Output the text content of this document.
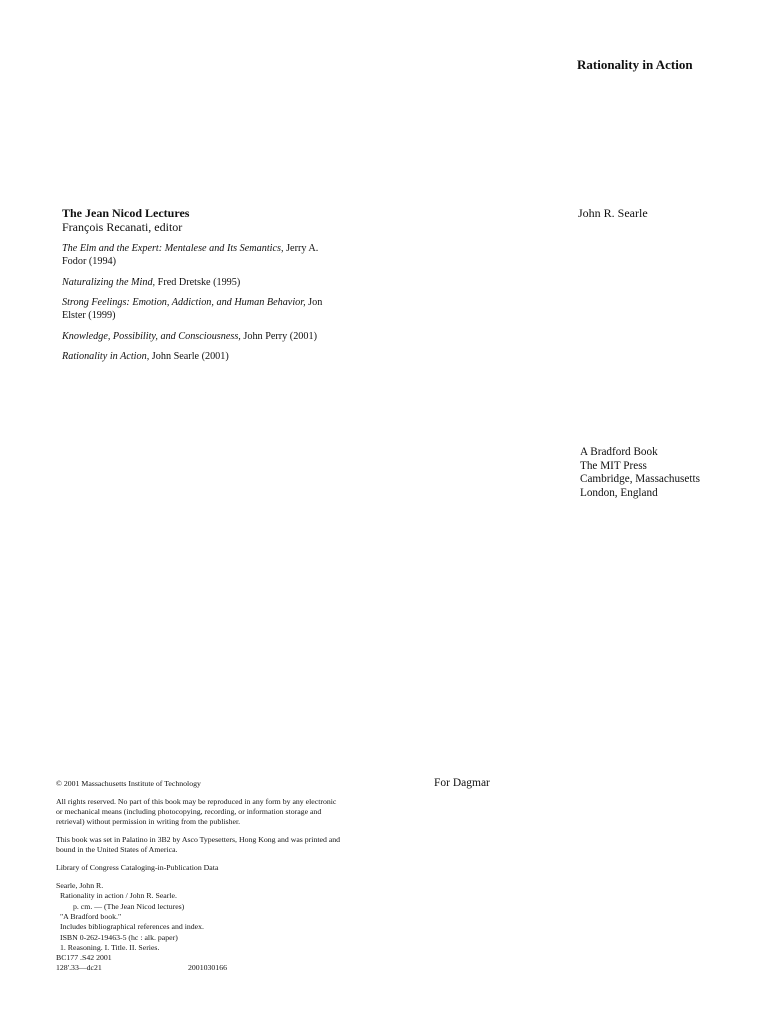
Rationality in Action
John R. Searle
The Jean Nicod Lectures
François Recanati, editor
The Elm and the Expert: Mentalese and Its Semantics, Jerry A. Fodor (1994)
Naturalizing the Mind, Fred Dretske (1995)
Strong Feelings: Emotion, Addiction, and Human Behavior, Jon Elster (1999)
Knowledge, Possibility, and Consciousness, John Perry (2001)
Rationality in Action, John Searle (2001)
A Bradford Book
The MIT Press
Cambridge, Massachusetts
London, England

© 2001 Massachusetts Institute of Technology

All rights reserved. No part of this book may be reproduced in any form by any electronic or mechanical means (including photocopying, recording, or information storage and retrieval) without permission in writing from the publisher.

This book was set in Palatino in 3B2 by Asco Typesetters, Hong Kong and was printed and bound in the United States of America.

Library of Congress Cataloging-in-Publication Data

Searle, John R.
Rationality in action / John R. Searle.
p. cm. — (The Jean Nicod lectures)
"A Bradford book."
Includes bibliographical references and index.
ISBN 0-262-19463-5 (hc : alk. paper)
1. Reasoning. I. Title. II. Series.
BC177 .S42 2001
128'.33—dc21	2001030166
For Dagmar
